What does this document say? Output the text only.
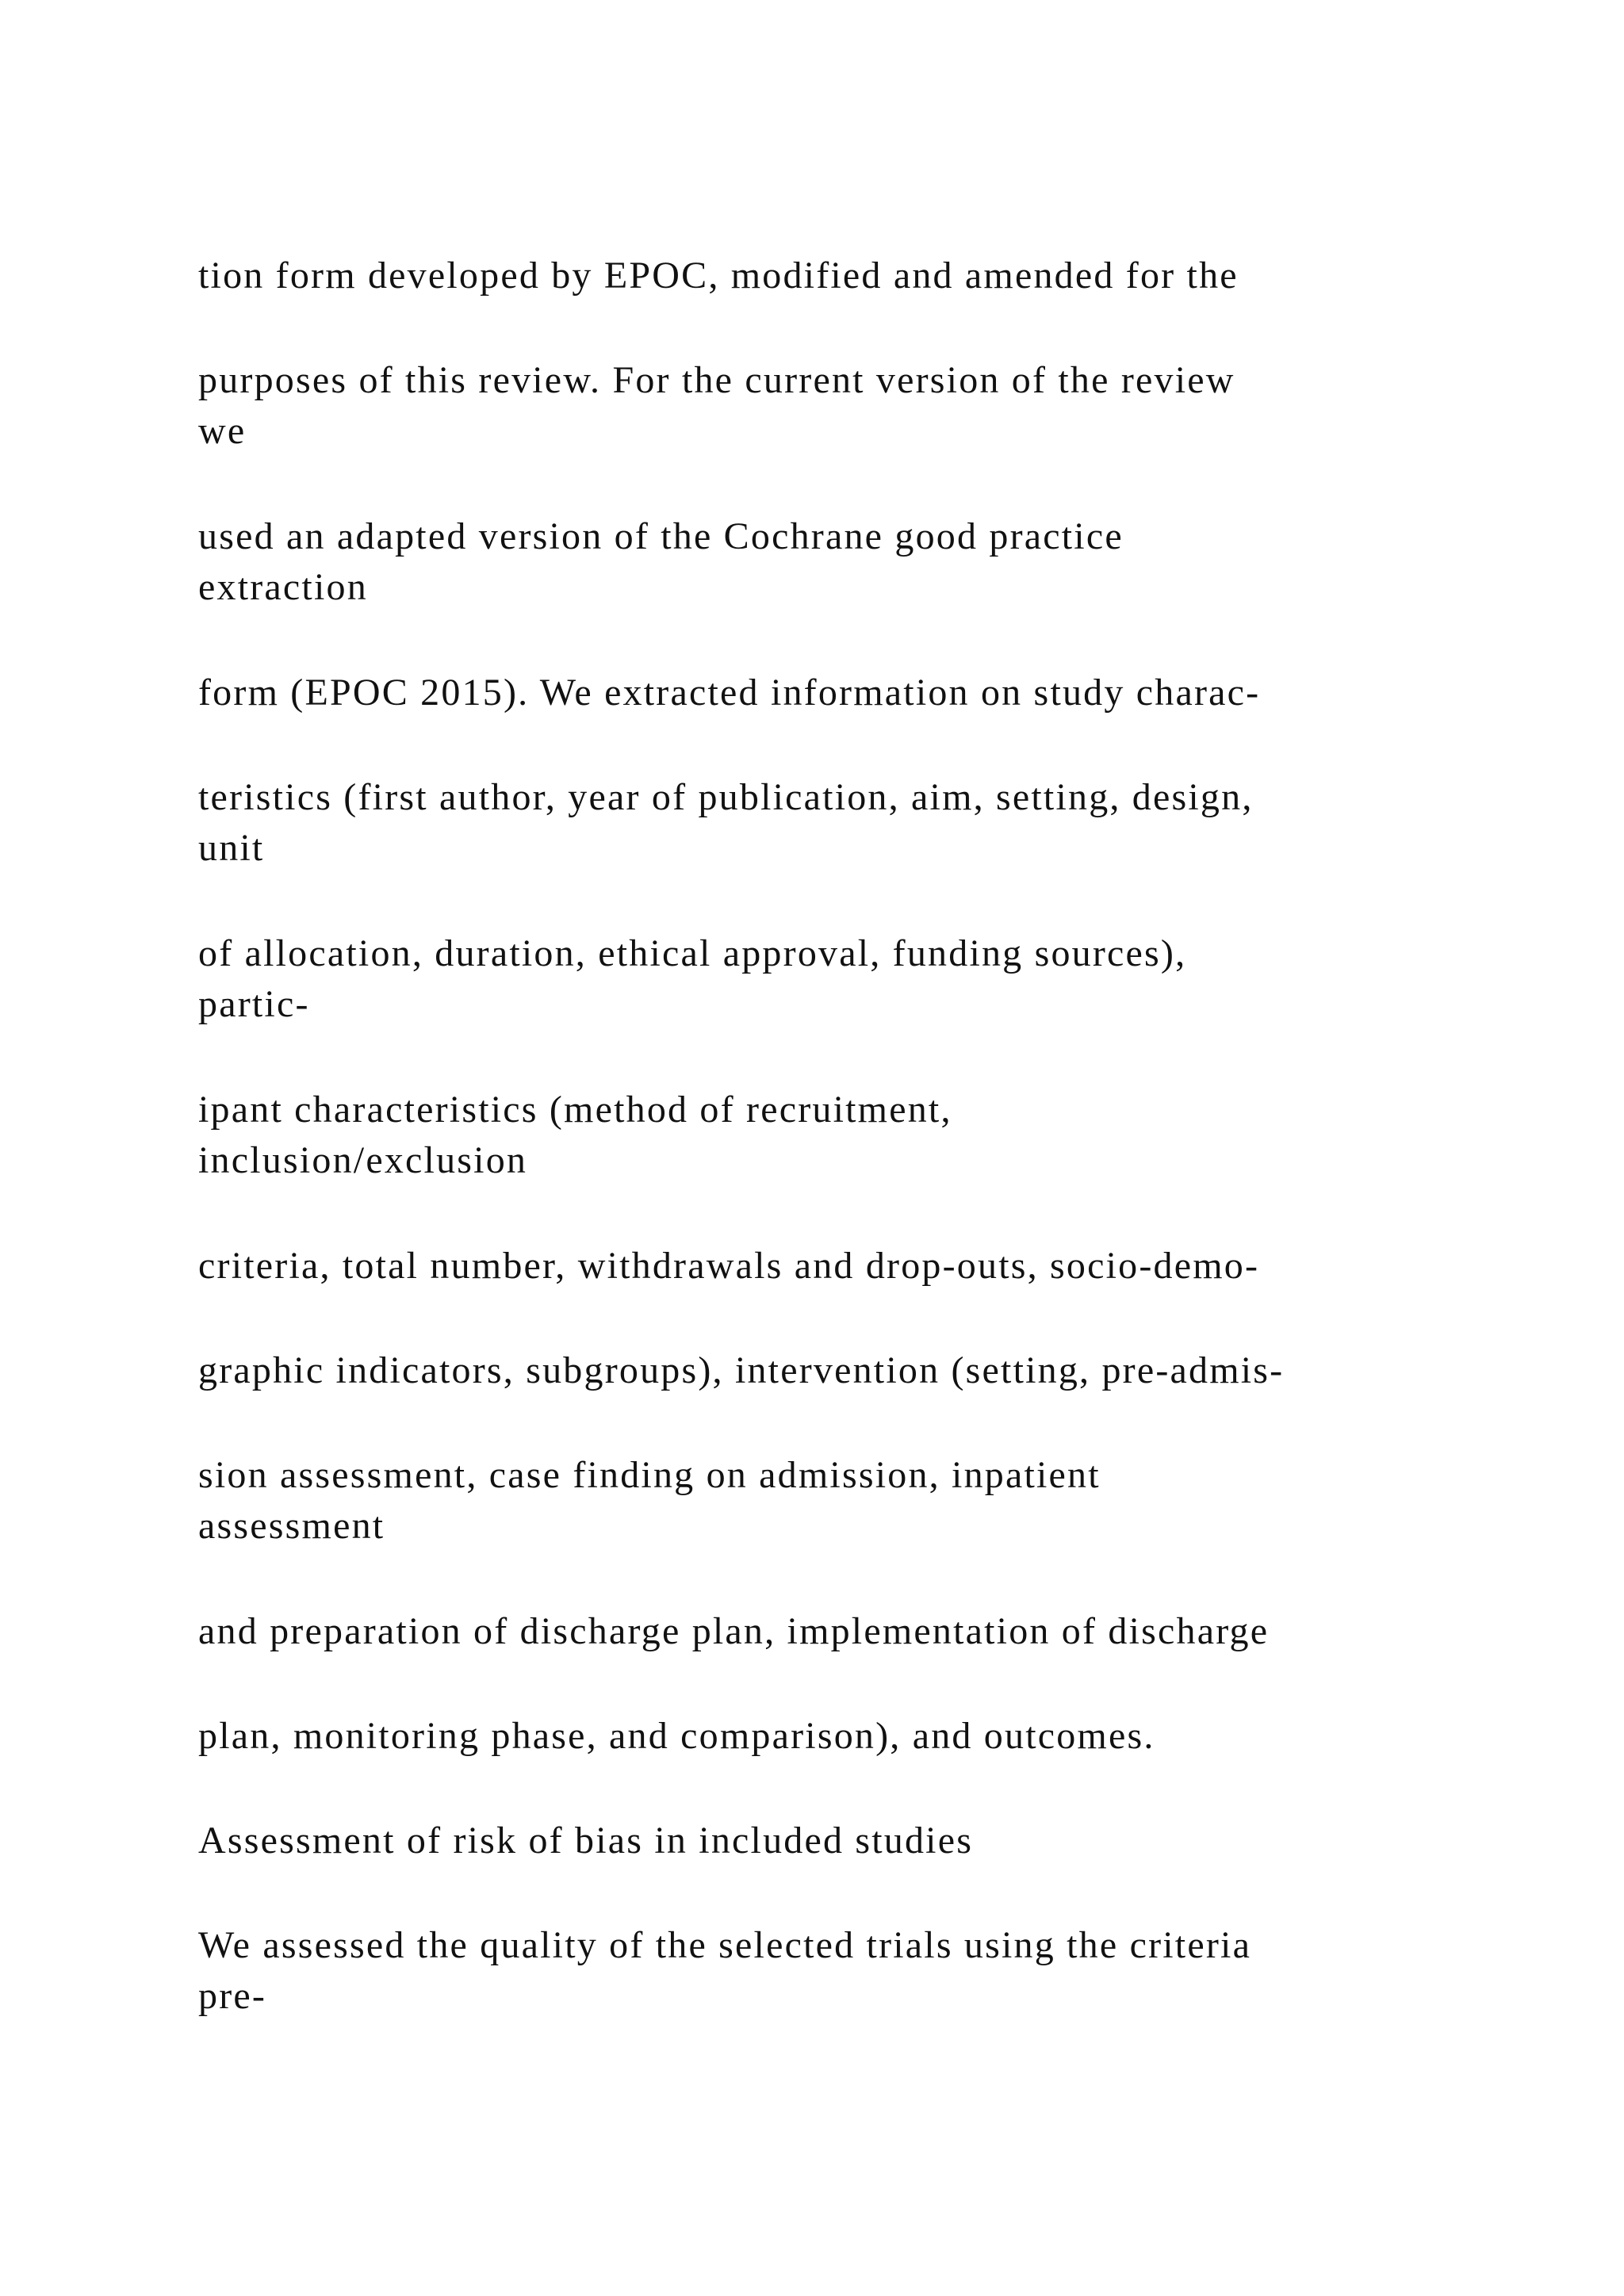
tion form developed by EPOC, modified and amended for the

purposes of this review. For the current version of the review
we

used an adapted version of the Cochrane good practice
extraction

form (EPOC 2015). We extracted information on study charac-

teristics (first author, year of publication, aim, setting, design,
unit

of allocation, duration, ethical approval, funding sources),
partic-

ipant characteristics (method of recruitment,
inclusion/exclusion

criteria, total number, withdrawals and drop-outs, socio-demo-

graphic indicators, subgroups), intervention (setting, pre-admis-

sion assessment, case finding on admission, inpatient
assessment

and preparation of discharge plan, implementation of discharge

plan, monitoring phase, and comparison), and outcomes.

Assessment of risk of bias in included studies

We assessed the quality of the selected trials using the criteria
pre-
